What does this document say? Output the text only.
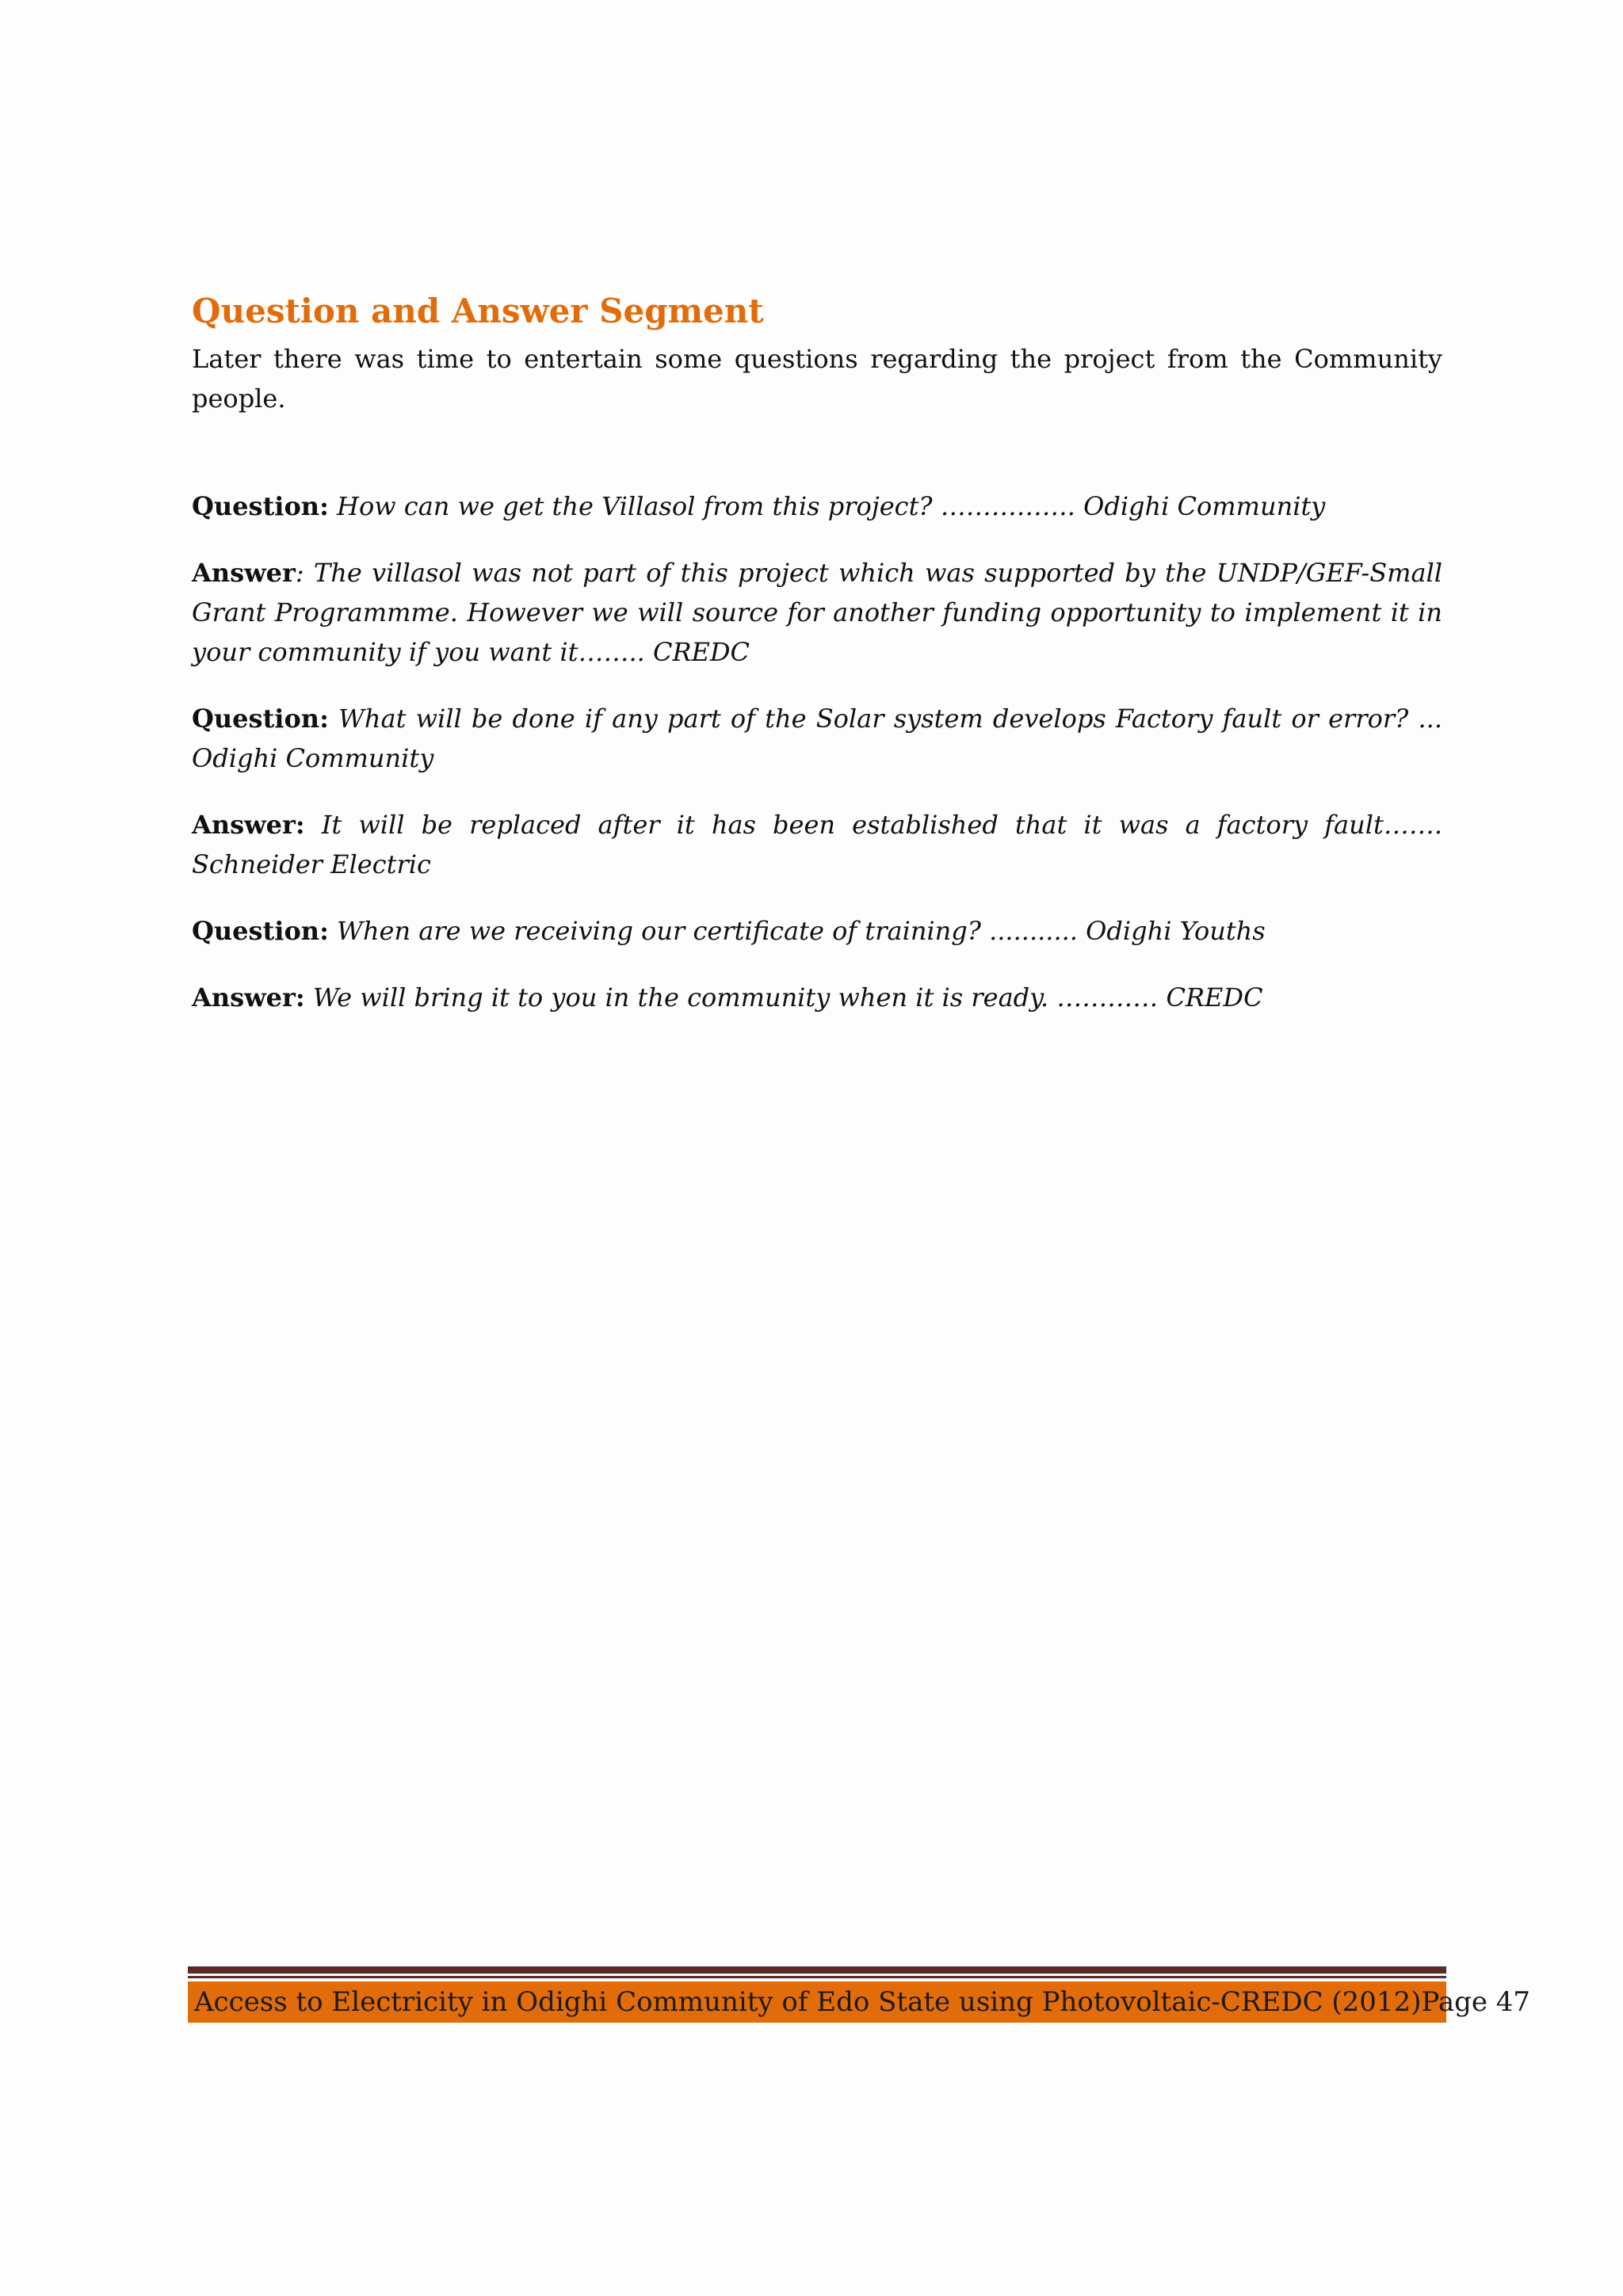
Question and Answer Segment

Later there was time to entertain some questions regarding the project from the Community people.

Question: How can we get the Villasol from this project? ……………. Odighi Community

Answer: The villasol was not part of this project which was supported by the UNDP/GEF-Small Grant Programmme. However we will source for another funding opportunity to implement it in your community if you want it…….. CREDC

Question: What will be done if any part of the Solar system develops Factory fault or error? ... Odighi Community

Answer: It will be replaced after it has been established that it was a factory fault……. Schneider Electric

Question: When are we receiving our certificate of training? ........... Odighi Youths

Answer: We will bring it to you in the community when it is ready. ………… CREDC

Access to Electricity in Odighi Community of Edo State using Photovoltaic-CREDC (2012) Page 47
